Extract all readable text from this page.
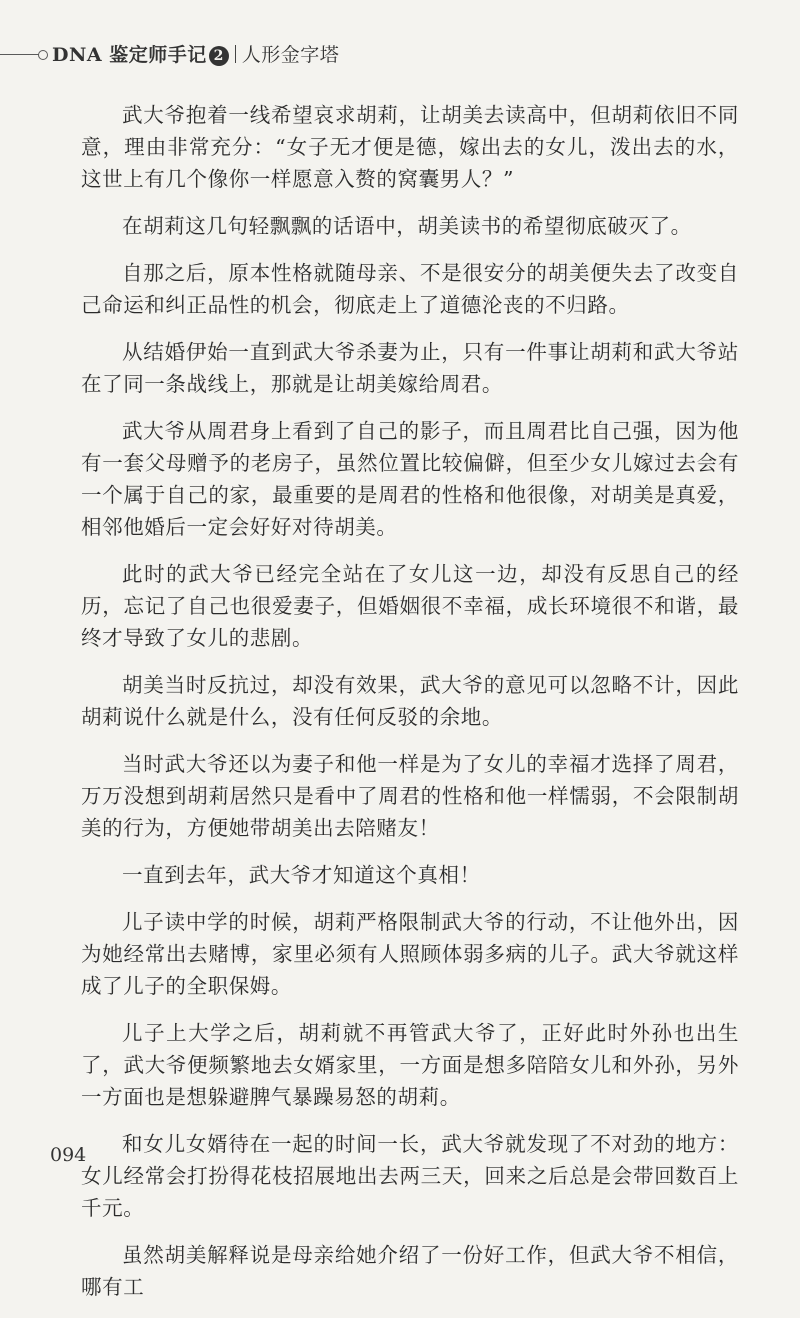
DNA 鉴定师手记 2 人形金字塔

武大爷抱着一线希望哀求胡莉，让胡美去读高中，但胡莉依旧不同意，理由非常充分：“女子无才便是德，嫁出去的女儿，泼出去的水，这世上有几个像你一样愿意入赘的窝囊男人？”

在胡莉这几句轻飘飘的话语中，胡美读书的希望彻底破灭了。

自那之后，原本性格就随母亲、不是很安分的胡美便失去了改变自己命运和纠正品性的机会，彻底走上了道德沦丧的不归路。

从结婚伊始一直到武大爷杀妻为止，只有一件事让胡莉和武大爷站在了同一条战线上，那就是让胡美嫁给周君。

武大爷从周君身上看到了自己的影子，而且周君比自己强，因为他有一套父母赠予的老房子，虽然位置比较偏僻，但至少女儿嫁过去会有一个属于自己的家，最重要的是周君的性格和他很像，对胡美是真爱，相邻他婚后一定会好好对待胡美。

此时的武大爷已经完全站在了女儿这一边，却没有反思自己的经历，忘记了自己也很爱妻子，但婚姻很不幸福，成长环境很不和谐，最终才导致了女儿的悲剧。

胡美当时反抗过，却没有效果，武大爷的意见可以忽略不计，因此胡莉说什么就是什么，没有任何反驳的余地。

当时武大爷还以为妻子和他一样是为了女儿的幸福才选择了周君，万万没想到胡莉居然只是看中了周君的性格和他一样懦弱，不会限制胡美的行为，方便她带胡美出去陪赌友！

一直到去年，武大爷才知道这个真相！

儿子读中学的时候，胡莉严格限制武大爷的行动，不让他外出，因为她经常出去赌博，家里必须有人照顾体弱多病的儿子。武大爷就这样成了儿子的全职保姆。

儿子上大学之后，胡莉就不再管武大爷了，正好此时外孙也出生了，武大爷便频繁地去女婿家里，一方面是想多陪陪女儿和外孙，另外一方面也是想躲避脾气暴躁易怒的胡莉。

和女儿女婿待在一起的时间一长，武大爷就发现了不对劲的地方：女儿经常会打扮得花枝招展地出去两三天，回来之后总是会带回数百上千元。

虽然胡美解释说是母亲给她介绍了一份好工作，但武大爷不相信，哪有工

094
